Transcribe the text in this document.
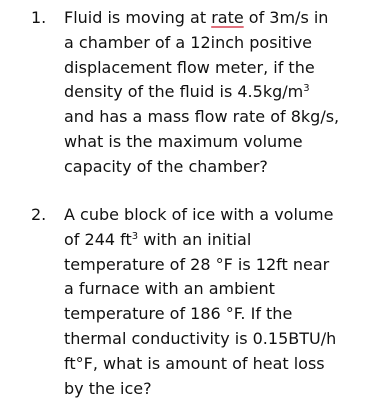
1. Fluid is moving at rate of 3m/s in
a chamber of a 12inch positive
displacement flow meter, if the
density of the fluid is $4.5kg/m^3$
and has a mass flow rate of 8kg/s,
what is the maximum volume
capacity of the chamber?
2. A cube block of ice with a volume
of 244 $ft^3$ with an initial
temperature of 28 °F is 12ft near
a furnace with an ambient
temperature of 186 °F. If the
thermal conductivity is 0.15BTU/h
ft°F, what is amount of heat loss
by the ice?
